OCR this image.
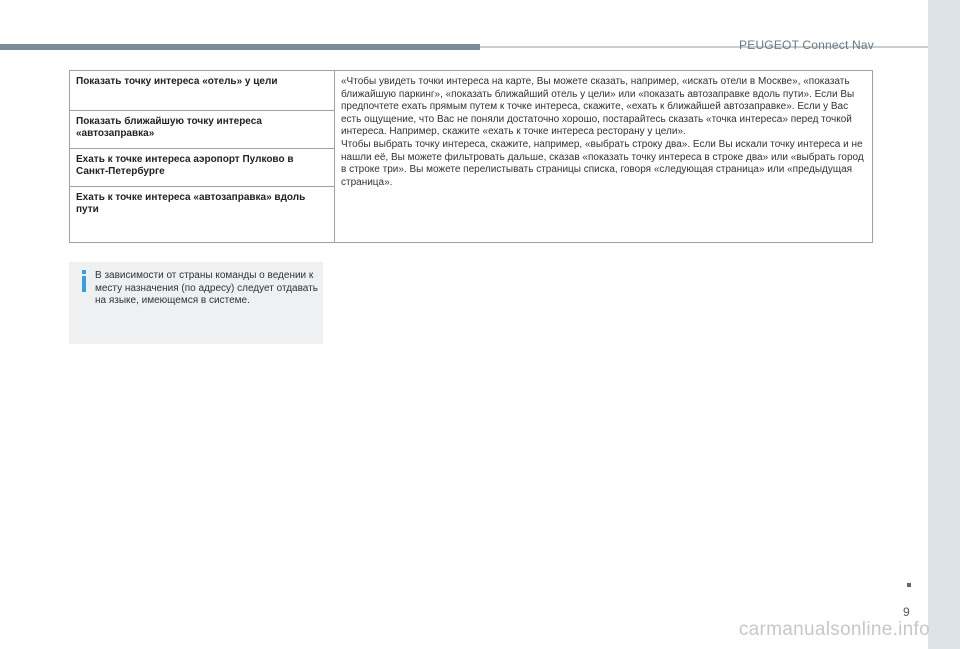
PEUGEOT Connect Nav
Показать точку интереса «отель» у цели	«Чтобы увидеть точки интереса на карте, Вы можете сказать, например, «искать отели в Москве», «показать ближайшую паркинг», «показать ближайший отель у цели» или «показать автозаправке вдоль пути». Если Вы предпочтете ехать прямым путем к точке интереса, скажите, «ехать к ближайшей автозаправке». Если у Вас есть ощущение, что Вас не поняли достаточно хорошо, постарайтесь сказать «точка интереса» перед точкой интереса. Например, скажите «ехать к точке интереса ресторану у цели».
Чтобы выбрать точку интереса, скажите, например, «выбрать строку два». Если Вы искали точку интереса и не нашли её, Вы можете фильтровать дальше, сказав «показать точку интереса в строке два» или «выбрать город в строке три». Вы можете перелистывать страницы списка, говоря «следующая страница» или «предыдущая страница».
Показать ближайшую точку интереса «автозаправка»
Ехать к точке интереса аэропорт Пулково в Санкт-Петербурге
Ехать к точке интереса «автозаправка» вдоль пути
В зависимости от страны команды о ведении к месту назначения (по адресу) следует отдавать на языке, имеющемся в системе.
9
carmanualsonline.info
